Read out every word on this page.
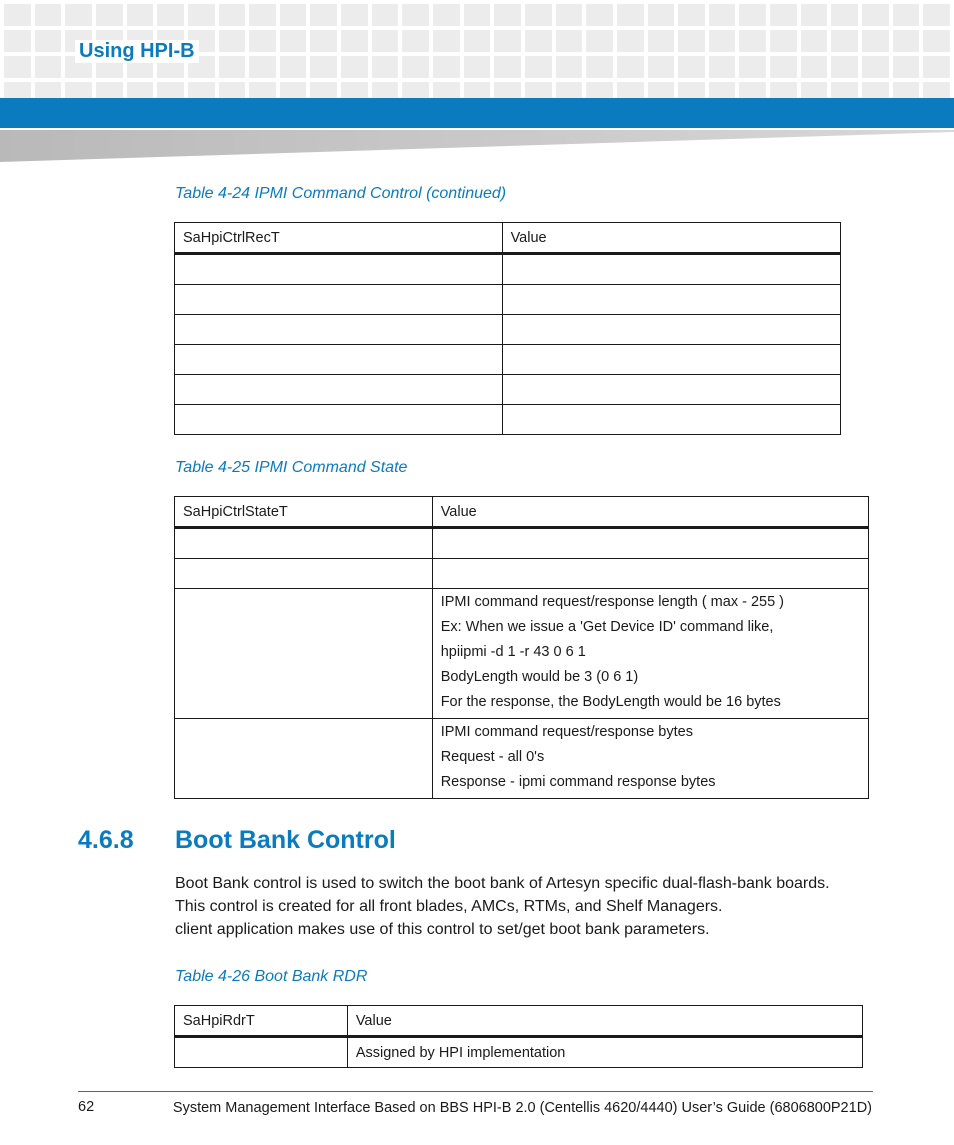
Using HPI-B
Table 4-24 IPMI Command Control (continued)
SaHpiCtrlRecT	Value

Table 4-25 IPMI Command State
SaHpiCtrlStateT	Value

	IPMI command request/response length ( max - 255 )
Ex: When we issue a 'Get Device ID' command like,
hpiipmi -d 1 -r 43 0 6 1
BodyLength would be 3 (0 6 1)
For the response, the BodyLength would be 16 bytes

	IPMI command request/response bytes
Request - all 0's
Response - ipmi command response bytes
4.6.8 Boot Bank Control
Boot Bank control is used to switch the boot bank of Artesyn specific dual-flash-bank boards.
This control is created for all front blades, AMCs, RTMs, and Shelf Managers.
client application makes use of this control to set/get boot bank parameters.
Table 4-26 Boot Bank RDR
SaHpiRdrT	Value
	Assigned by HPI implementation
62	System Management Interface Based on BBS HPI-B 2.0 (Centellis 4620/4440) User’s Guide (6806800P21D)
